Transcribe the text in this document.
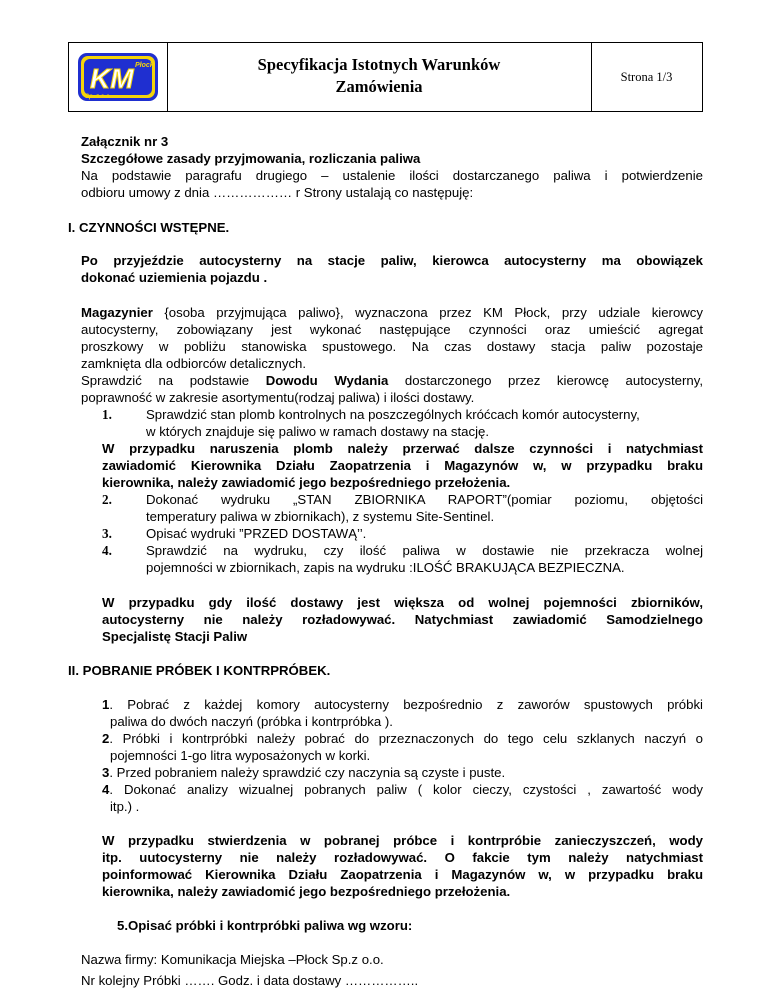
Płock
KM
Sp. z o.o.
Specyfikacja Istotnych Warunków
Zamówienia	Strona 1/3
Załącznik nr 3
Szczegółowe zasady przyjmowania, rozliczania paliwa
Na podstawie paragrafu drugiego – ustalenie ilości dostarczanego paliwa i potwierdzenie
odbioru umowy z dnia ……………… r Strony ustalają co następuję:
I. CZYNNOŚCI WSTĘPNE.
Po przyjeździe autocysterny na stacje paliw, kierowca autocysterny ma obowiązek
dokonać uziemienia pojazdu .
Magazynier {osoba przyjmująca paliwo}, wyznaczona przez KM Płock, przy udziale kierowcy
autocysterny, zobowiązany jest wykonać następujące czynności oraz umieścić agregat
proszkowy w pobliżu stanowiska spustowego. Na czas dostawy stacja paliw pozostaje
zamknięta dla odbiorców detalicznych.
Sprawdzić na podstawie Dowodu Wydania dostarczonego przez kierowcę autocysterny,
poprawność w zakresie asortymentu(rodzaj paliwa) i ilości dostawy.
1.	Sprawdzić stan plomb kontrolnych na poszczególnych króćcach komór autocysterny,
w których znajduje się paliwo w ramach dostawy na stację.
W przypadku naruszenia plomb należy przerwać dalsze czynności i natychmiast
zawiadomić Kierownika Działu Zaopatrzenia i Magazynów w, w przypadku braku
kierownika, należy zawiadomić jego bezpośredniego przełożenia.
2.	Dokonać wydruku „STAN ZBIORNIKA RAPORT”(pomiar poziomu, objętości
temperatury paliwa w zbiornikach), z systemu Site-Sentinel.
3.	Opisać wydruki ”PRZED DOSTAWĄ’’.
4.	Sprawdzić na wydruku, czy ilość paliwa w dostawie nie przekracza wolnej
pojemności w zbiornikach, zapis na wydruku :ILOŚĆ BRAKUJĄCA BEZPIECZNA.
W przypadku gdy ilość dostawy jest większa od wolnej pojemności zbiorników,
autocysterny nie należy rozładowywać. Natychmiast zawiadomić Samodzielnego
Specjalistę Stacji Paliw
II. POBRANIE PRÓBEK I KONTRPRÓBEK.
1. Pobrać z każdej komory autocysterny bezpośrednio z zaworów spustowych próbki
paliwa do dwóch naczyń (próbka i kontrpróbka ).
2. Próbki i kontrpróbki należy pobrać do przeznaczonych do tego celu szklanych naczyń o
pojemności 1-go litra wyposażonych w korki.
3. Przed pobraniem należy sprawdzić czy naczynia są czyste i puste.
4. Dokonać analizy wizualnej pobranych paliw ( kolor cieczy, czystości , zawartość wody
itp.) .
W przypadku stwierdzenia w pobranej próbce i kontrpróbie zanieczyszczeń, wody
itp. uutocysterny nie należy rozładowywać. O fakcie tym należy natychmiast
poinformować Kierownika Działu Zaopatrzenia i Magazynów w, w przypadku braku
kierownika, należy zawiadomić jego bezpośredniego przełożenia.
5.Opisać próbki i kontrpróbki paliwa wg wzoru:
Nazwa firmy: Komunikacja Miejska –Płock Sp.z o.o.
Nr kolejny Próbki ……. Godz. i data dostawy ……………..
